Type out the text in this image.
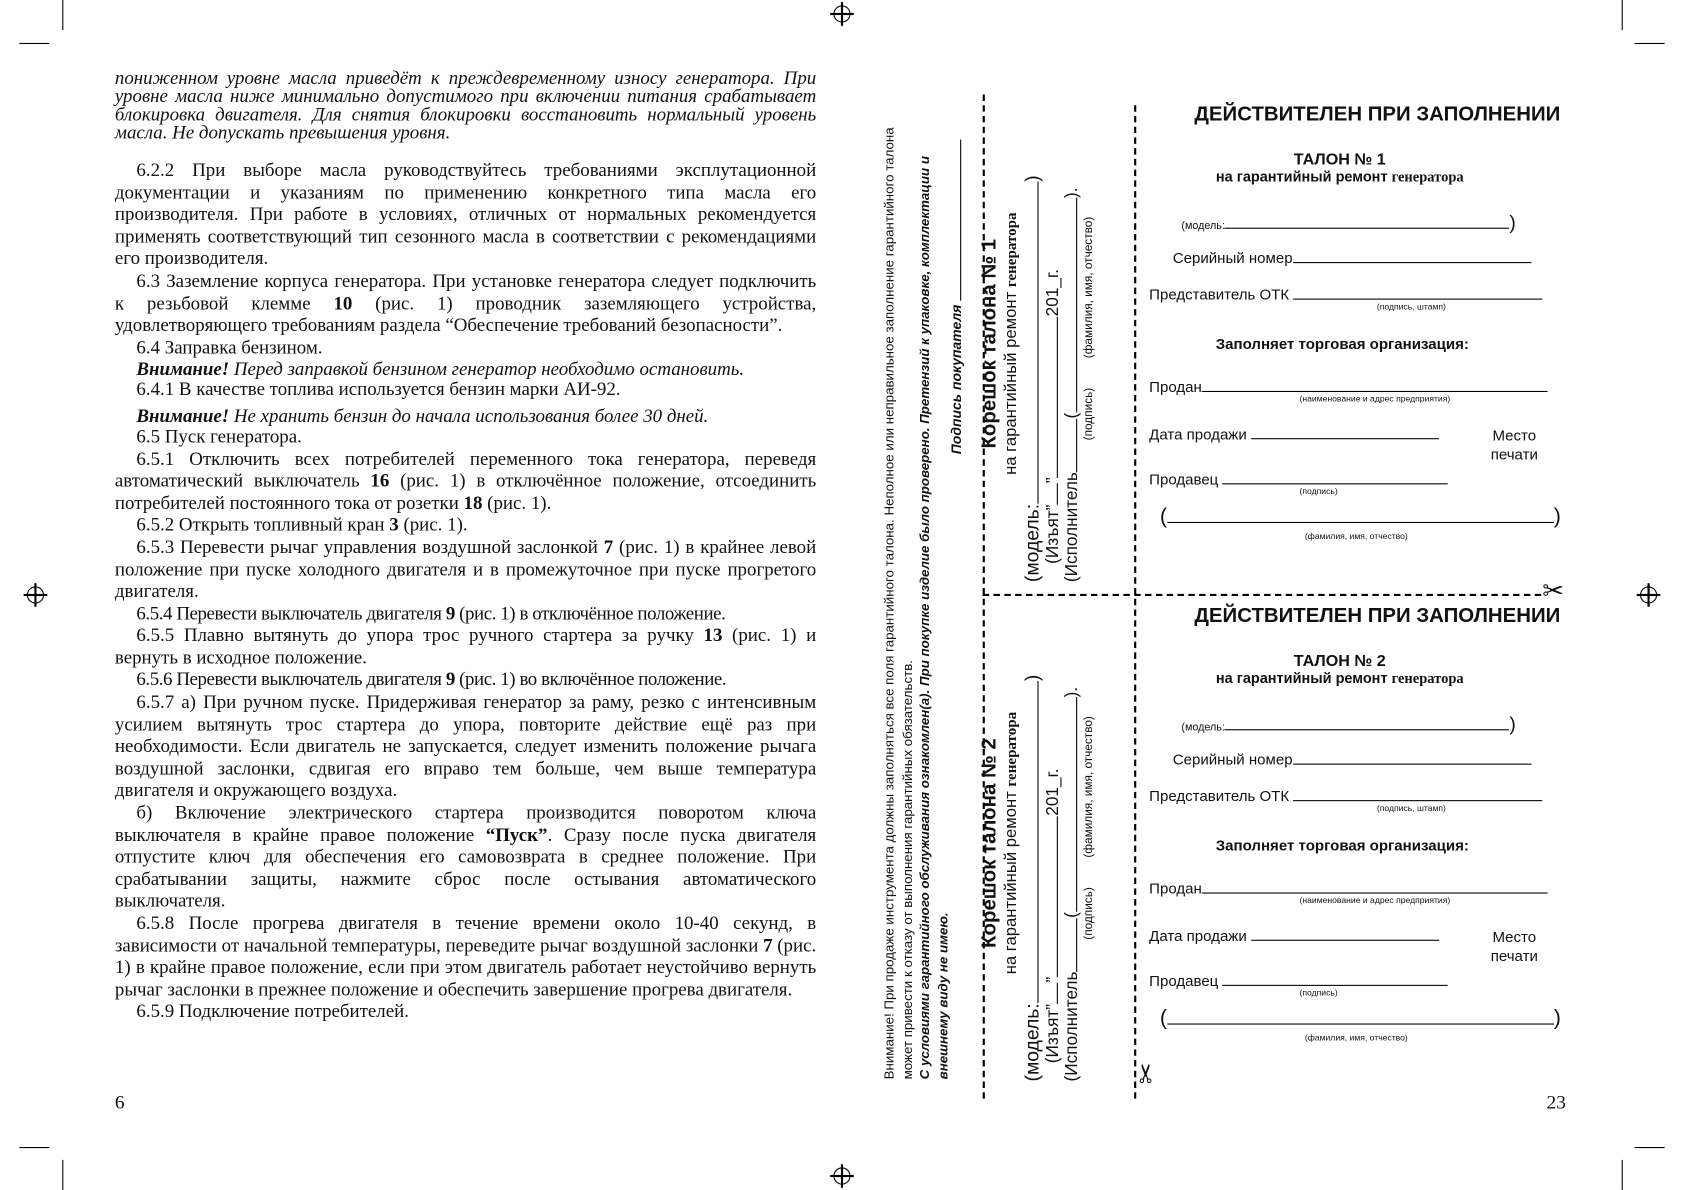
пониженном уровне масла приведёт к преждевременному износу генератора. При уровне масла ниже минимально допустимого при включении питания срабатывает блокировка двигателя. Для снятия блокировки восстановить нормальный уровень масла. Не допускать превышения уровня.

6.2.2 При выборе масла руководствуйтесь требованиями эксплутационной документации и указаниям по применению конкретного типа масла его производителя. При работе в условиях, отличных от нормальных рекомендуется применять соответствующий тип сезонного масла в соответствии с рекомендациями его производителя.

6.3 Заземление корпуса генератора. При установке генератора следует подключить к резьбовой клемме 10 (рис. 1) проводник заземляющего устройства, удовлетворяющего требованиям раздела “Обеспечение требований безопасности”.

6.4 Заправка бензином.

Внимание! Перед заправкой бензином генератор необходимо остановить.

6.4.1 В качестве топлива используется бензин марки АИ-92.

Внимание! Не хранить бензин до начала использования более 30 дней.

6.5 Пуск генератора.

6.5.1 Отключить всех потребителей переменного тока генератора, переведя автоматический выключатель 16 (рис. 1) в отключённое положение, отсоединить потребителей постоянного тока от розетки 18 (рис. 1).

6.5.2 Открыть топливный кран 3 (рис. 1).

6.5.3 Перевести рычаг управления воздушной заслонкой 7 (рис. 1) в крайнее левой положение при пуске холодного двигателя и в промежуточное при пуске прогретого двигателя.

6.5.4 Перевести выключатель двигателя 9 (рис. 1) в отключённое положение.

6.5.5 Плавно вытянуть до упора трос ручного стартера за ручку 13 (рис. 1) и вернуть в исходное положение.

6.5.6 Перевести выключатель двигателя 9 (рис. 1) во включённое положение.

6.5.7 а) При ручном пуске. Придерживая генератор за раму, резко с интенсивным усилием вытянуть трос стартера до упора, повторите действие ещё раз при необходимости. Если двигатель не запускается, следует изменить положение рычага воздушной заслонки, сдвигая его вправо тем больше, чем выше температура двигателя и окружающего воздуха.

б) Включение электрического стартера производится поворотом ключа выключателя в крайне правое положение “Пуск”. Сразу после пуска двигателя отпустите ключ для обеспечения его самовозврата в среднее положение. При срабатывании защиты, нажмите сброс после остывания автоматического выключателя.

6.5.8 После прогрева двигателя в течение времени около 10-40 секунд, в зависимости от начальной температуры, переведите рычаг воздушной заслонки 7 (рис. 1) в крайне правое положение, если при этом двигатель работает неустойчиво вернуть рычаг заслонки в прежнее положение и обеспечить завершение прогрева двигателя.

6.5.9 Подключение потребителей.

6	23
Внимание! При продаже инструмента должны заполняться все поля гарантийного талона. Неполное или неправильное заполнение гарантийного талона может привести к отказу от выполнения гарантийных обязательств. С условиями гарантийного обслуживания ознакомлен(а). При покупке изделие было проверено. Претензий к упаковке, комплектации и внешнему виду не имею.
✂
✂
Подпись покупателя Корешок талона № 1 на гарантийный ремонт генератора
(модель:)
(Изъят””201_г.
(Исполнитель().
(подпись)         (фамилия, имя, отчество)
Корешок талона № 2 на гарантийный ремонт генератора
(модель:)
(Изъят””201_г.
(Исполнитель().
(подпись)         (фамилия, имя, отчество)
ДЕЙСТВИТЕЛЕН ПРИ ЗАПОЛНЕНИИ
ТАЛОН № 1
на гарантийный ремонт генератора
(модель:	)
Серийный номер
Представитель ОТК
(подпись, штамп)
Заполняет торговая организация:
Продан
(наименование и адрес предприятия)
Дата продажи	Место печати
Продавец
(подпись)
(	)
(фамилия, имя, отчество)
ДЕЙСТВИТЕЛЕН ПРИ ЗАПОЛНЕНИИ
ТАЛОН № 2
на гарантийный ремонт генератора
(модель:	)
Серийный номер
Представитель ОТК
(подпись, штамп)
Заполняет торговая организация:
Продан
(наименование и адрес предприятия)
Дата продажи	Место печати
Продавец
(подпись)
(	)
(фамилия, имя, отчество)
